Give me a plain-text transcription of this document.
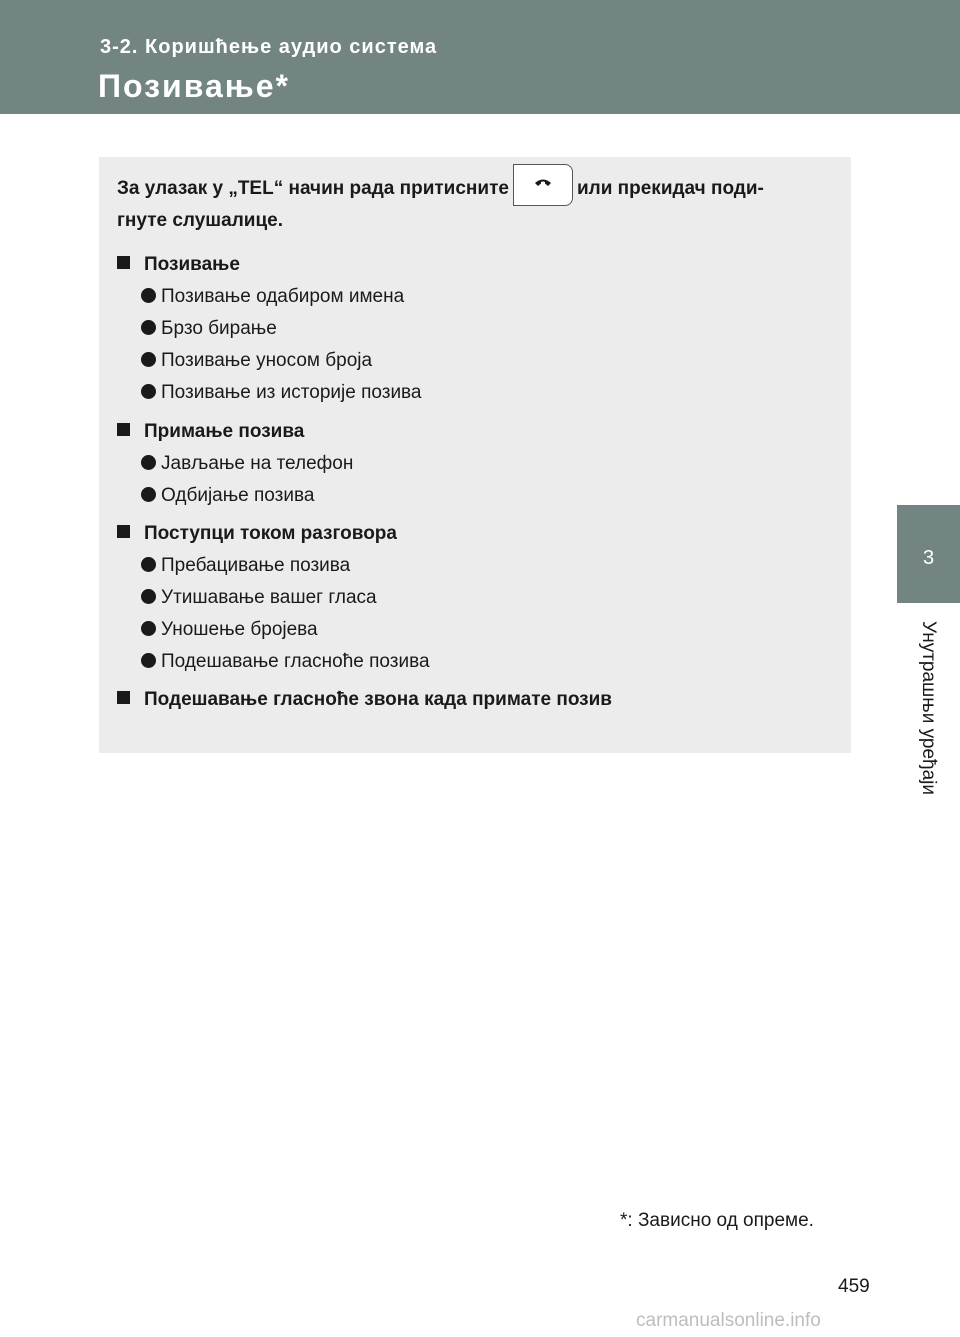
3-2. Коришћење аудио система
Позивање*
3
Унутрашњи уређаји
За улазак у „TEL“ начин рада притисните	или прекидач поди-
гнуте слушалице.
Позивање
Позивање одабиром имена
Брзо бирање
Позивање уносом броја
Позивање из историје позива
Примање позива
Јављање на телефон
Одбијање позива
Поступци током разговора
Пребацивање позива
Утишавање вашег гласа
Уношење бројева
Подешавање гласноће позива
Подешавање гласноће звона када примате позив
*: Зависно од опреме.
459
carmanualsonline.info
